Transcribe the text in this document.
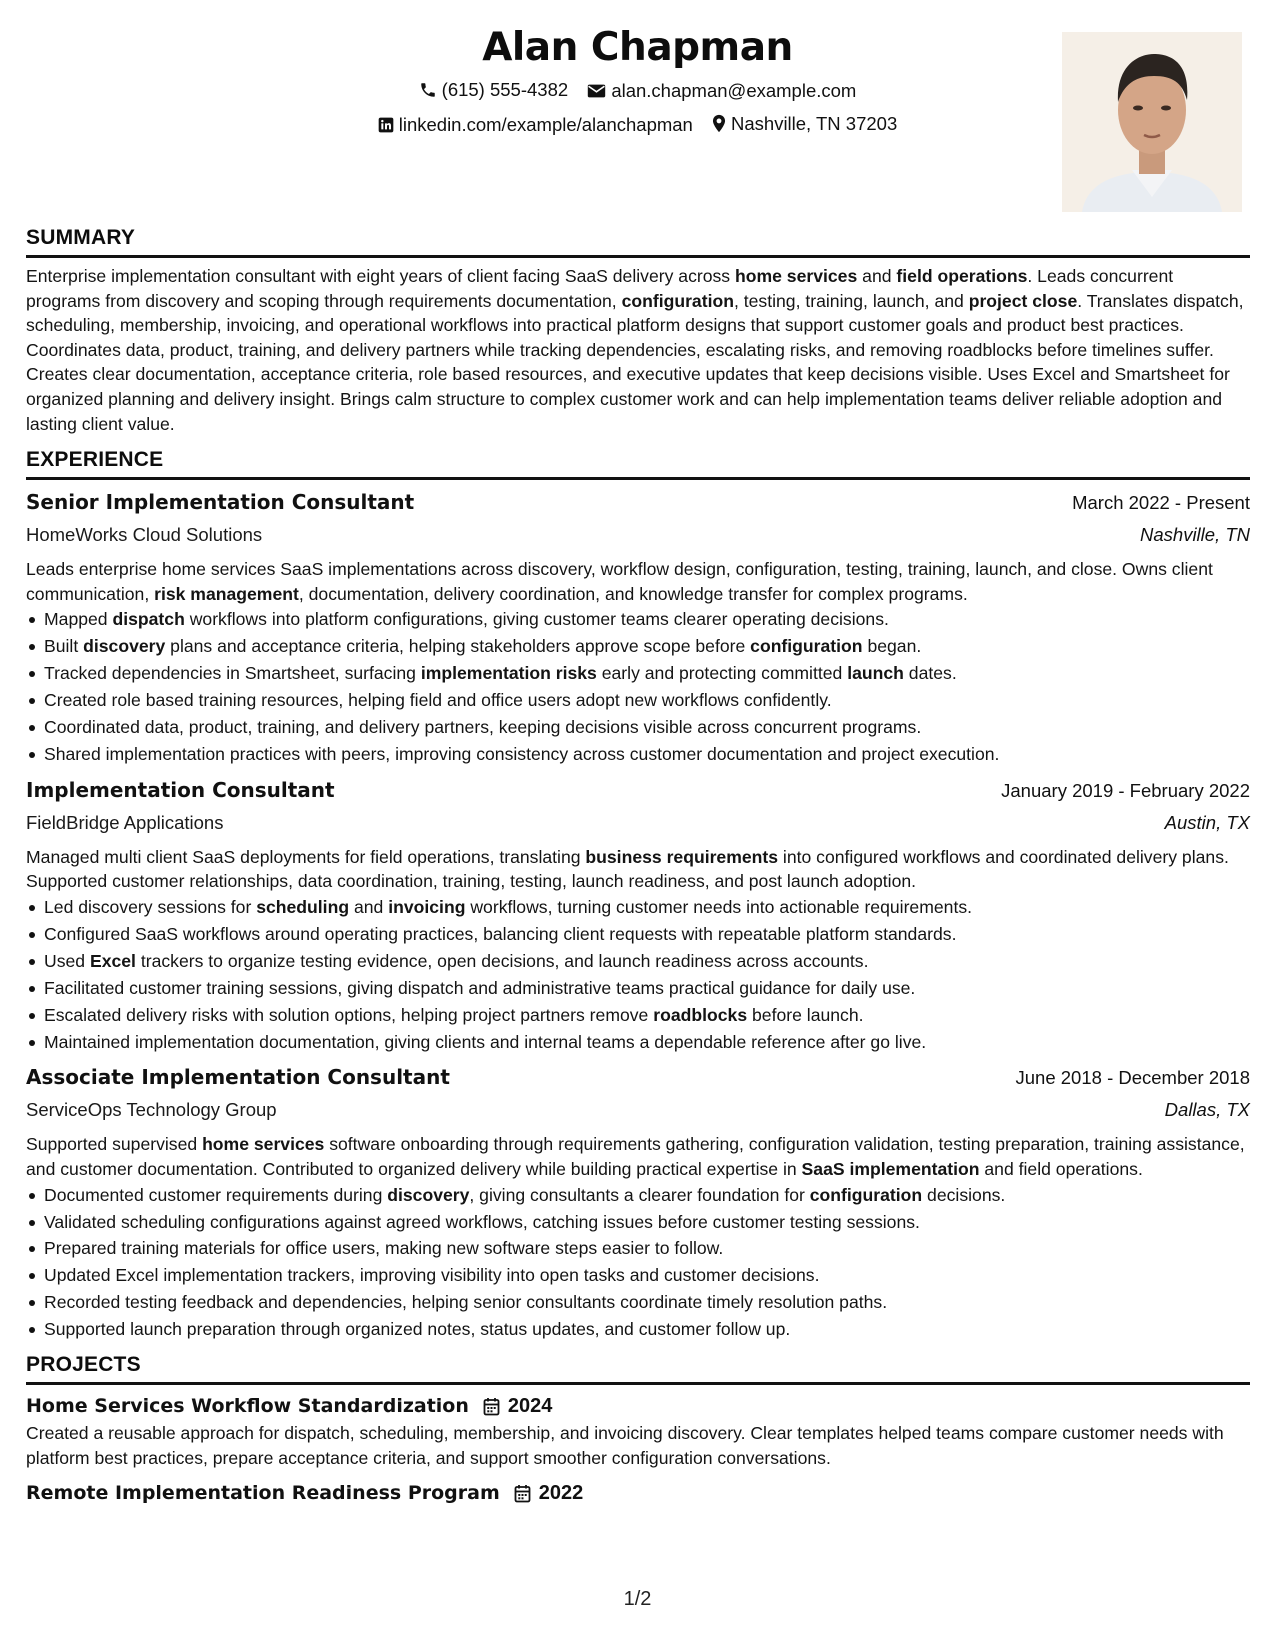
Alan Chapman
(615) 555-4382
alan.chapman@example.com
linkedin.com/example/alanchapman
Nashville, TN 37203
SUMMARY
Enterprise implementation consultant with eight years of client facing SaaS delivery across home services and field operations. Leads concurrent programs from discovery and scoping through requirements documentation, configuration, testing, training, launch, and project close. Translates dispatch, scheduling, membership, invoicing, and operational workflows into practical platform designs that support customer goals and product best practices. Coordinates data, product, training, and delivery partners while tracking dependencies, escalating risks, and removing roadblocks before timelines suffer. Creates clear documentation, acceptance criteria, role based resources, and executive updates that keep decisions visible. Uses Excel and Smartsheet for organized planning and delivery insight. Brings calm structure to complex customer work and can help implementation teams deliver reliable adoption and lasting client value.
EXPERIENCE
Senior Implementation Consultant	March 2022 - Present
HomeWorks Cloud Solutions	Nashville, TN
Leads enterprise home services SaaS implementations across discovery, workflow design, configuration, testing, training, launch, and close. Owns client communication, risk management, documentation, delivery coordination, and knowledge transfer for complex programs.
Mapped dispatch workflows into platform configurations, giving customer teams clearer operating decisions.
Built discovery plans and acceptance criteria, helping stakeholders approve scope before configuration began.
Tracked dependencies in Smartsheet, surfacing implementation risks early and protecting committed launch dates.
Created role based training resources, helping field and office users adopt new workflows confidently.
Coordinated data, product, training, and delivery partners, keeping decisions visible across concurrent programs.
Shared implementation practices with peers, improving consistency across customer documentation and project execution.
Implementation Consultant	January 2019 - February 2022
FieldBridge Applications	Austin, TX
Managed multi client SaaS deployments for field operations, translating business requirements into configured workflows and coordinated delivery plans. Supported customer relationships, data coordination, training, testing, launch readiness, and post launch adoption.
Led discovery sessions for scheduling and invoicing workflows, turning customer needs into actionable requirements.
Configured SaaS workflows around operating practices, balancing client requests with repeatable platform standards.
Used Excel trackers to organize testing evidence, open decisions, and launch readiness across accounts.
Facilitated customer training sessions, giving dispatch and administrative teams practical guidance for daily use.
Escalated delivery risks with solution options, helping project partners remove roadblocks before launch.
Maintained implementation documentation, giving clients and internal teams a dependable reference after go live.
Associate Implementation Consultant	June 2018 - December 2018
ServiceOps Technology Group	Dallas, TX
Supported supervised home services software onboarding through requirements gathering, configuration validation, testing preparation, training assistance, and customer documentation. Contributed to organized delivery while building practical expertise in SaaS implementation and field operations.
Documented customer requirements during discovery, giving consultants a clearer foundation for configuration decisions.
Validated scheduling configurations against agreed workflows, catching issues before customer testing sessions.
Prepared training materials for office users, making new software steps easier to follow.
Updated Excel implementation trackers, improving visibility into open tasks and customer decisions.
Recorded testing feedback and dependencies, helping senior consultants coordinate timely resolution paths.
Supported launch preparation through organized notes, status updates, and customer follow up.
PROJECTS
Home Services Workflow Standardization 2024
Created a reusable approach for dispatch, scheduling, membership, and invoicing discovery. Clear templates helped teams compare customer needs with platform best practices, prepare acceptance criteria, and support smoother configuration conversations.
Remote Implementation Readiness Program 2022
1/2
